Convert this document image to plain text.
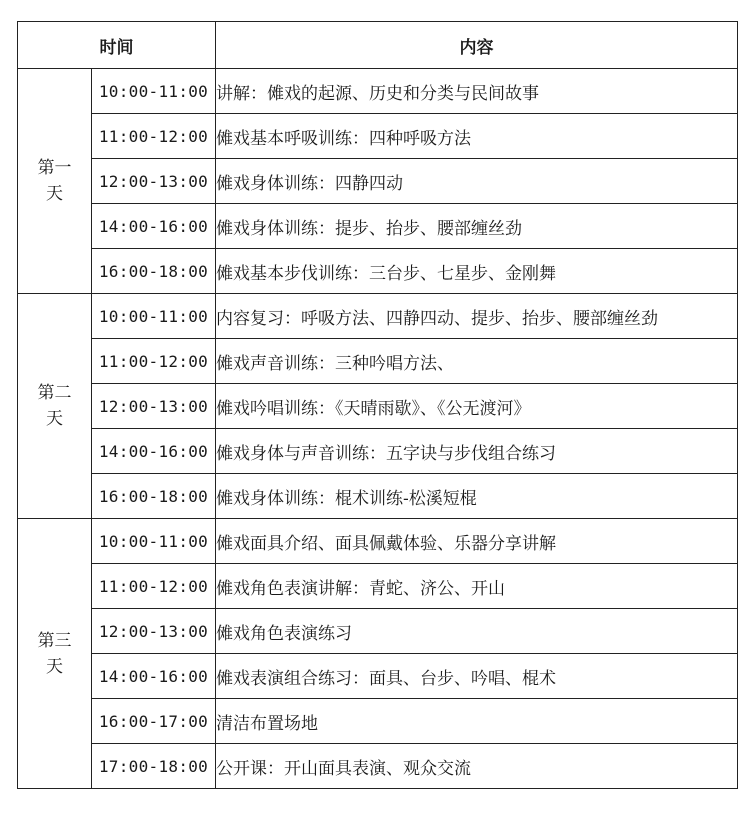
时间		内容

第一
天	10:00-11:00	讲解：傩戏的起源、历史和分类与民间故事
	11:00-12:00	傩戏基本呼吸训练：四种呼吸方法
	12:00-13:00	傩戏身体训练：四静四动
	14:00-16:00	傩戏身体训练：提步、抬步、腰部缠丝劲
	16:00-18:00	傩戏基本步伐训练：三台步、七星步、金刚舞

第二
天	10:00-11:00	内容复习：呼吸方法、四静四动、提步、抬步、腰部缠丝劲
	11:00-12:00	傩戏声音训练：三种吟唱方法、
	12:00-13:00	傩戏吟唱训练：《天晴雨歇》、《公无渡河》
	14:00-16:00	傩戏身体与声音训练：五字诀与步伐组合练习
	16:00-18:00	傩戏身体训练：棍术训练-松溪短棍

第三
天	10:00-11:00	傩戏面具介绍、面具佩戴体验、乐器分享讲解
	11:00-12:00	傩戏角色表演讲解：青蛇、济公、开山
	12:00-13:00	傩戏角色表演练习
	14:00-16:00	傩戏表演组合练习：面具、台步、吟唱、棍术
	16:00-17:00	清洁布置场地
	17:00-18:00	公开课：开山面具表演、观众交流
